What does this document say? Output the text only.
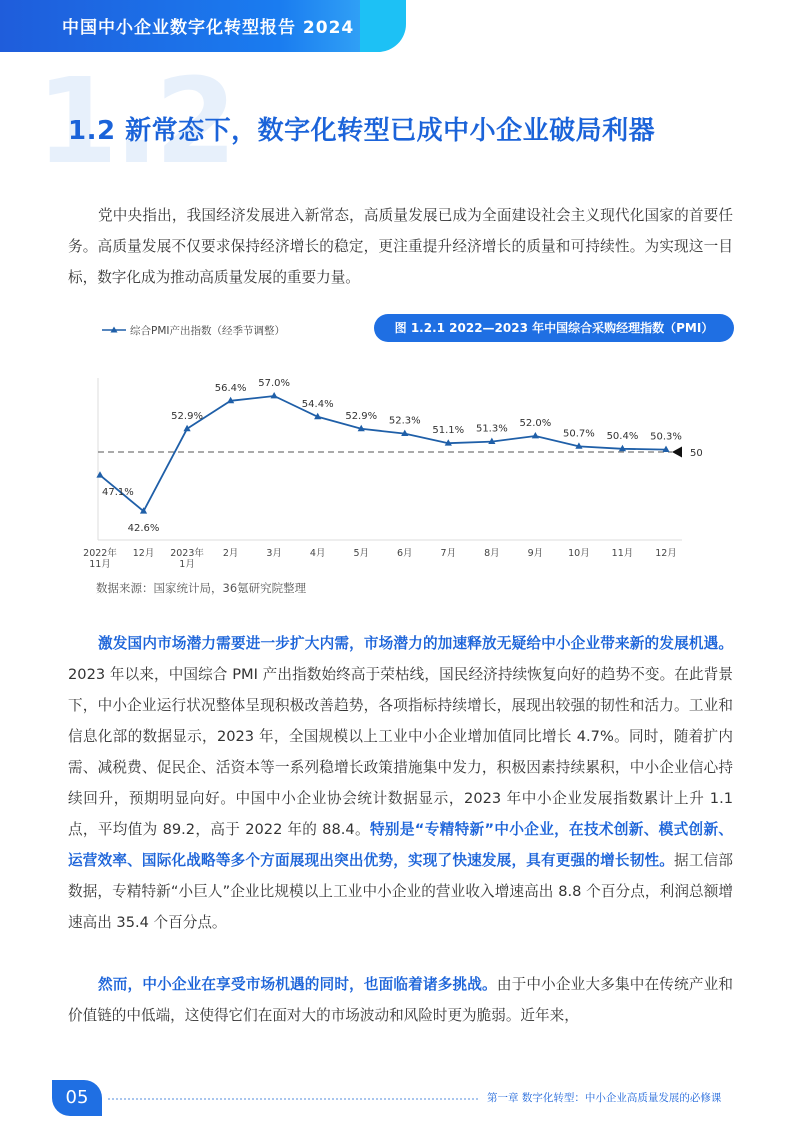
中国中小企业数字化转型报告 2024
1.2
1.2 新常态下，数字化转型已成中小企业破局利器
党中央指出，我国经济发展进入新常态，高质量发展已成为全面建设社会主义现代化国家的首要任务。高质量发展不仅要求保持经济增长的稳定，更注重提升经济增长的质量和可持续性。为实现这一目标，数字化成为推动高质量发展的重要力量。
图 1.2.1 2022—2023 年中国综合采购经理指数（PMI）
综合PMI产出指数（经季节调整）
50
47.1%
42.6%
52.9%
56.4% 57.0%
54.4%
52.9% 52.3%
51.1% 51.3%
52.0%
50.7% 50.4% 50.3%
2022年
11月
12月 2023年
1月
2月	3月	4月	5月	6月	7月	8月	9月	10月 11月 12月
数据来源：国家统计局，36氪研究院整理
激发国内市场潜力需要进一步扩大内需，市场潜力的加速释放无疑给中小企业带来新的发展机遇。2023 年以来，中国综合 PMI 产出指数始终高于荣枯线，国民经济持续恢复向好的趋势不变。在此背景下，中小企业运行状况整体呈现积极改善趋势，各项指标持续增长，展现出较强的韧性和活力。工业和信息化部的数据显示，2023 年，全国规模以上工业中小企业增加值同比增长 4.7%。同时，随着扩内需、减税费、促民企、活资本等一系列稳增长政策措施集中发力，积极因素持续累积，中小企业信心持续回升，预期明显向好。中国中小企业协会统计数据显示，2023 年中小企业发展指数累计上升 1.1 点，平均值为 89.2，高于 2022 年的 88.4。特别是“专精特新”中小企业，在技术创新、模式创新、运营效率、国际化战略等多个方面展现出突出优势，实现了快速发展，具有更强的增长韧性。据工信部数据，专精特新“小巨人”企业比规模以上工业中小企业的营业收入增速高出 8.8 个百分点，利润总额增速高出 35.4 个百分点。
然而，中小企业在享受市场机遇的同时，也面临着诸多挑战。由于中小企业大多集中在传统产业和价值链的中低端，这使得它们在面对大的市场波动和风险时更为脆弱。近年来，
05	第一章 数字化转型：中小企业高质量发展的必修课
